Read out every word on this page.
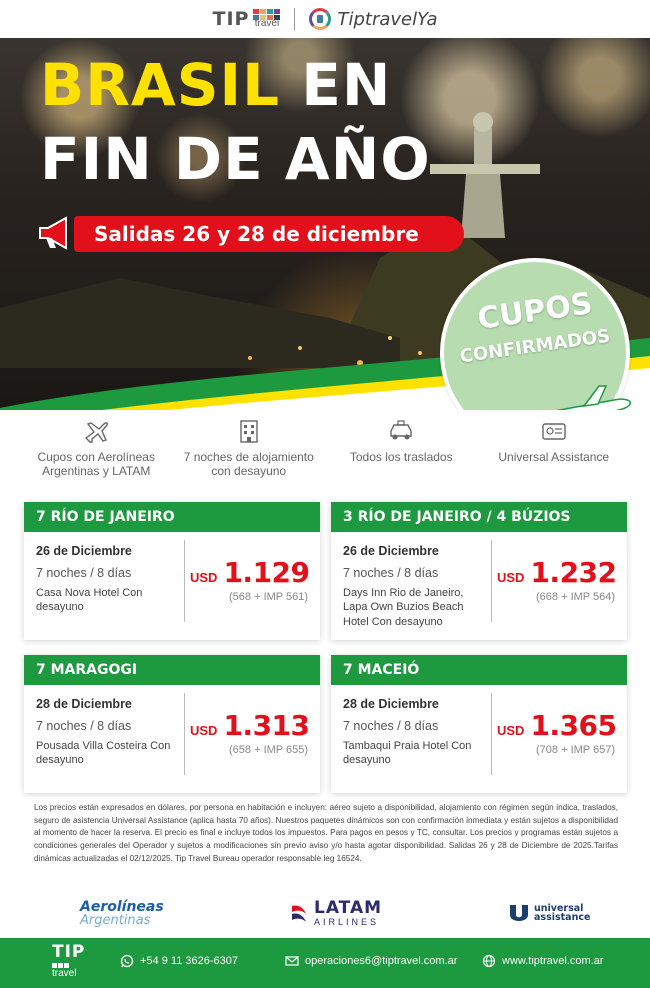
TIP travel	TiptravelYa
BRASIL EN
FIN DE AÑO
Salidas 26 y 28 de diciembre
CUPOS
CONFIRMADOS
Cupos con Aerolíneas Argentinas y LATAM
7 noches de alojamiento con desayuno
Todos los traslados	Universal Assistance
7 RÍO DE JANEIRO
26 de Diciembre
7 noches / 8 días
Casa Nova Hotel Con desayuno
USD 1.129
(568 + IMP 561)
3 RÍO DE JANEIRO / 4 BÚZIOS
26 de Diciembre
7 noches / 8 días
Days Inn Rio de Janeiro, Lapa Own Buzios Beach Hotel Con desayuno
USD 1.232
(668 + IMP 564)
7 MARAGOGI
28 de Diciembre
7 noches / 8 días
Pousada Villa Costeira Con desayuno
USD 1.313
(658 + IMP 655)
7 MACEIÓ
28 de Diciembre
7 noches / 8 días
Tambaqui Praia Hotel Con desayuno
USD 1.365
(708 + IMP 657)
Los precios están expresados en dólares, por persona en habitación e incluyen: aéreo sujeto a disponibilidad, alojamiento con régimen según indica, traslados, seguro de asistencia Universal Assistance (aplica hasta 70 años). Nuestros paquetes dinámicos son con confirmación inmediata y están sujetos a disponibilidad al momento de hacer la reserva. El precio es final e incluye todos los impuestos. Para pagos en pesos y TC, consultar. Los precios y programas están sujetos a condiciones generales del Operador y sujetos a modificaciones sin previo aviso y/o hasta agotar disponibilidad. Salidas 26 y 28 de Diciembre de 2025.Tarifas dinámicas actualizadas el 02/12/2025. Tip Travel Bureau operador responsable leg 16524.
Aerolíneas
Argentinas
LATAM
AIRLINES
universal
assistance
TIP
travel
+54 9 11 3626-6307	operaciones6@tiptravel.com.ar	www.tiptravel.com.ar
